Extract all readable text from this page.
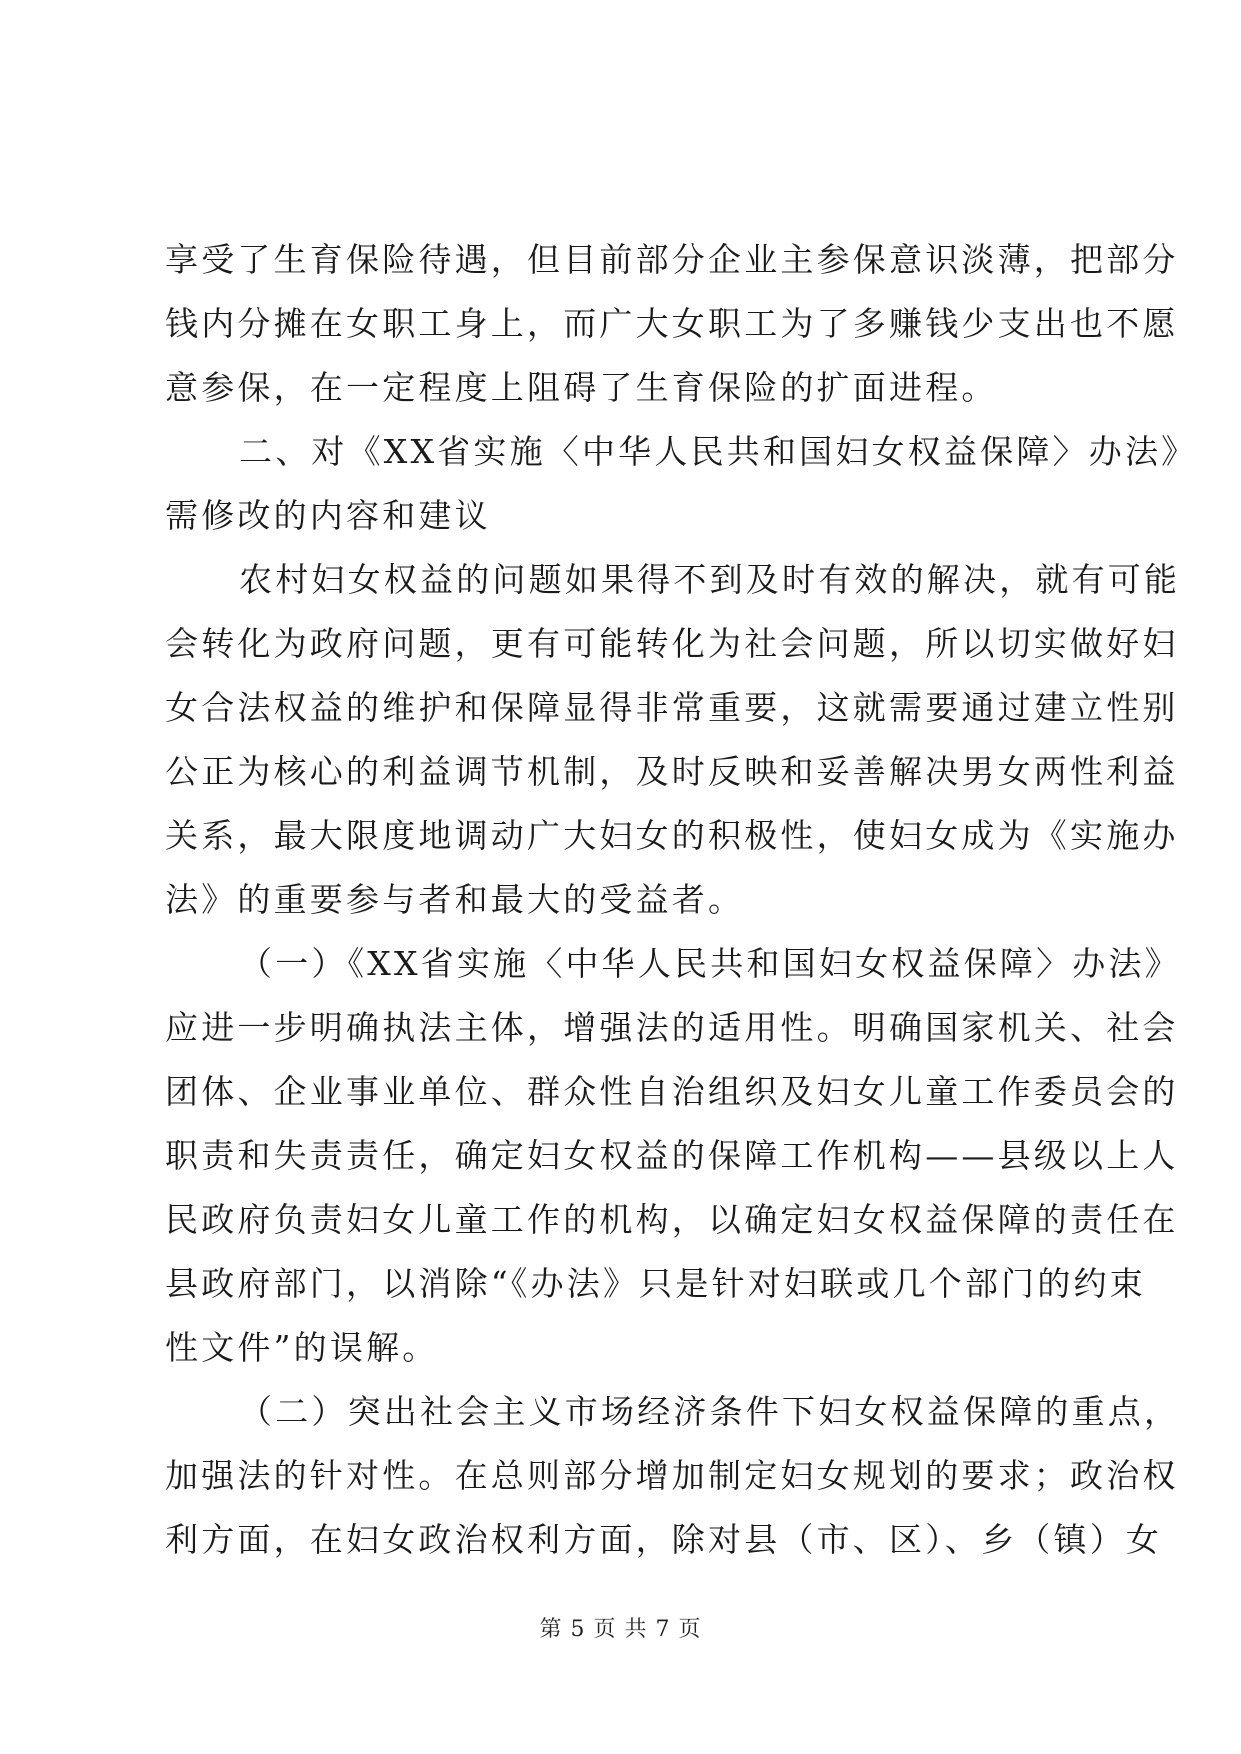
享受了生育保险待遇，但目前部分企业主参保意识淡薄，把部分
钱内分摊在女职工身上，而广大女职工为了多赚钱少支出也不愿
意参保，在一定程度上阻碍了生育保险的扩面进程。
二、对《XX省实施〈中华人民共和国妇女权益保障〉办法》
需修改的内容和建议
农村妇女权益的问题如果得不到及时有效的解决，就有可能
会转化为政府问题，更有可能转化为社会问题，所以切实做好妇
女合法权益的维护和保障显得非常重要，这就需要通过建立性别
公正为核心的利益调节机制，及时反映和妥善解决男女两性利益
关系，最大限度地调动广大妇女的积极性，使妇女成为《实施办
法》的重要参与者和最大的受益者。
（一）《XX省实施〈中华人民共和国妇女权益保障〉办法》
应进一步明确执法主体，增强法的适用性。明确国家机关、社会
团体、企业事业单位、群众性自治组织及妇女儿童工作委员会的
职责和失责责任，确定妇女权益的保障工作机构——县级以上人
民政府负责妇女儿童工作的机构，以确定妇女权益保障的责任在
县政府部门，以消除“《办法》只是针对妇联或几个部门的约束
性文件”的误解。
（二）突出社会主义市场经济条件下妇女权益保障的重点，
加强法的针对性。在总则部分增加制定妇女规划的要求；政治权
利方面，在妇女政治权利方面，除对县（市、区）、乡（镇）女
第 5 页 共 7 页
